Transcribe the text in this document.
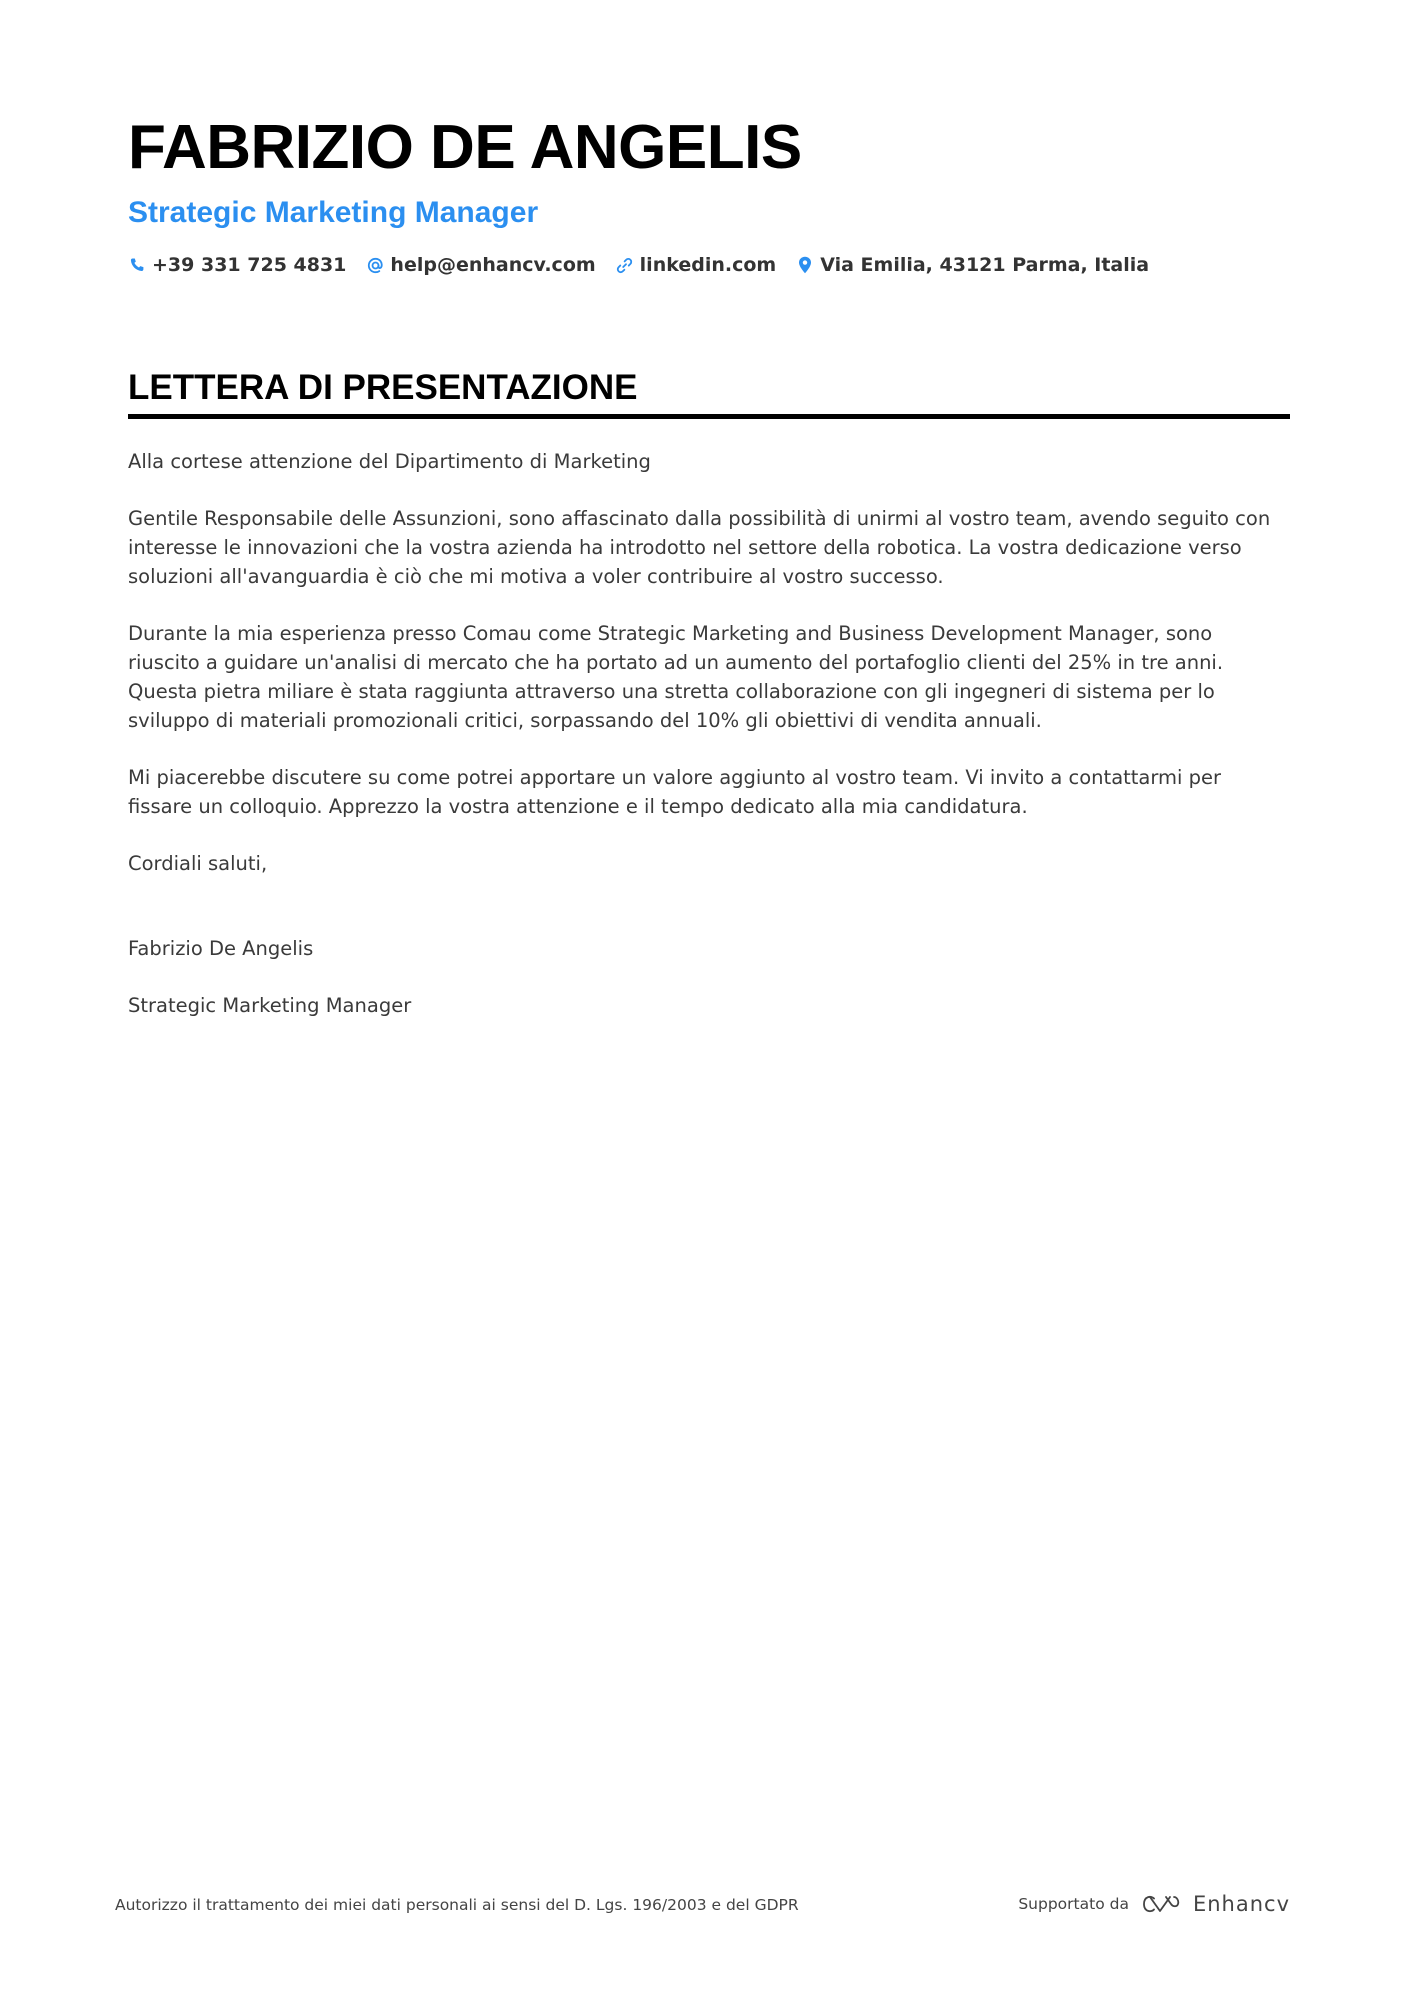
FABRIZIO DE ANGELIS
Strategic Marketing Manager
+39 331 725 4831 help@enhancv.com linkedin.com Via Emilia, 43121 Parma, Italia
LETTERA DI PRESENTAZIONE

Alla cortese attenzione del Dipartimento di Marketing

Gentile Responsabile delle Assunzioni, sono affascinato dalla possibilità di unirmi al vostro team, avendo seguito con interesse le innovazioni che la vostra azienda ha introdotto nel settore della robotica. La vostra dedicazione verso soluzioni all'avanguardia è ciò che mi motiva a voler contribuire al vostro successo.

Durante la mia esperienza presso Comau come Strategic Marketing and Business Development Manager, sono riuscito a guidare un'analisi di mercato che ha portato ad un aumento del portafoglio clienti del 25% in tre anni. Questa pietra miliare è stata raggiunta attraverso una stretta collaborazione con gli ingegneri di sistema per lo sviluppo di materiali promozionali critici, sorpassando del 10% gli obiettivi di vendita annuali.

Mi piacerebbe discutere su come potrei apportare un valore aggiunto al vostro team. Vi invito a contattarmi per fissare un colloquio. Apprezzo la vostra attenzione e il tempo dedicato alla mia candidatura.

Cordiali saluti,

Fabrizio De Angelis

Strategic Marketing Manager

Autorizzo il trattamento dei miei dati personali ai sensi del D. Lgs. 196/2003 e del GDPR	Supportato da	Enhancv
